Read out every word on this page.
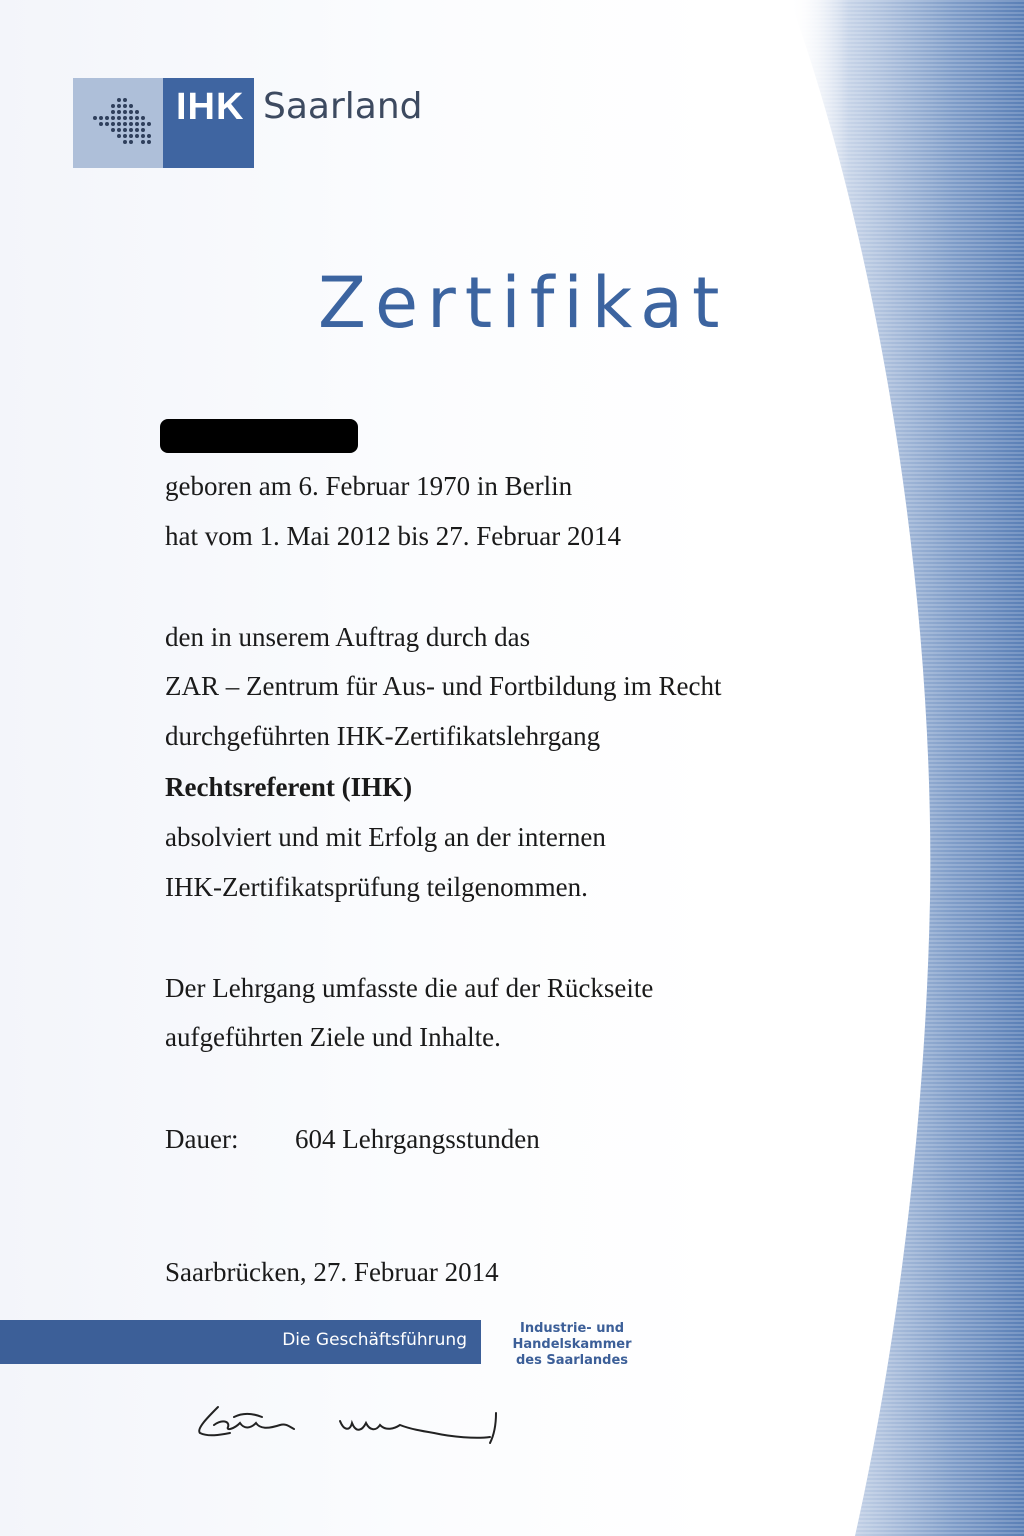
IHK Saarland
Zertifikat
geboren am 6. Februar 1970 in Berlin
hat vom 1. Mai 2012 bis 27. Februar 2014
den in unserem Auftrag durch das
ZAR – Zentrum für Aus- und Fortbildung im Recht
durchgeführten IHK-Zertifikatslehrgang
Rechtsreferent (IHK)
absolviert und mit Erfolg an der internen
IHK-Zertifikatsprüfung teilgenommen.
Der Lehrgang umfasste die auf der Rückseite
aufgeführten Ziele und Inhalte.
Dauer: 604 Lehrgangsstunden
Saarbrücken, 27. Februar 2014
Die Geschäftsführung
Industrie- und
Handelskammer
des Saarlandes
